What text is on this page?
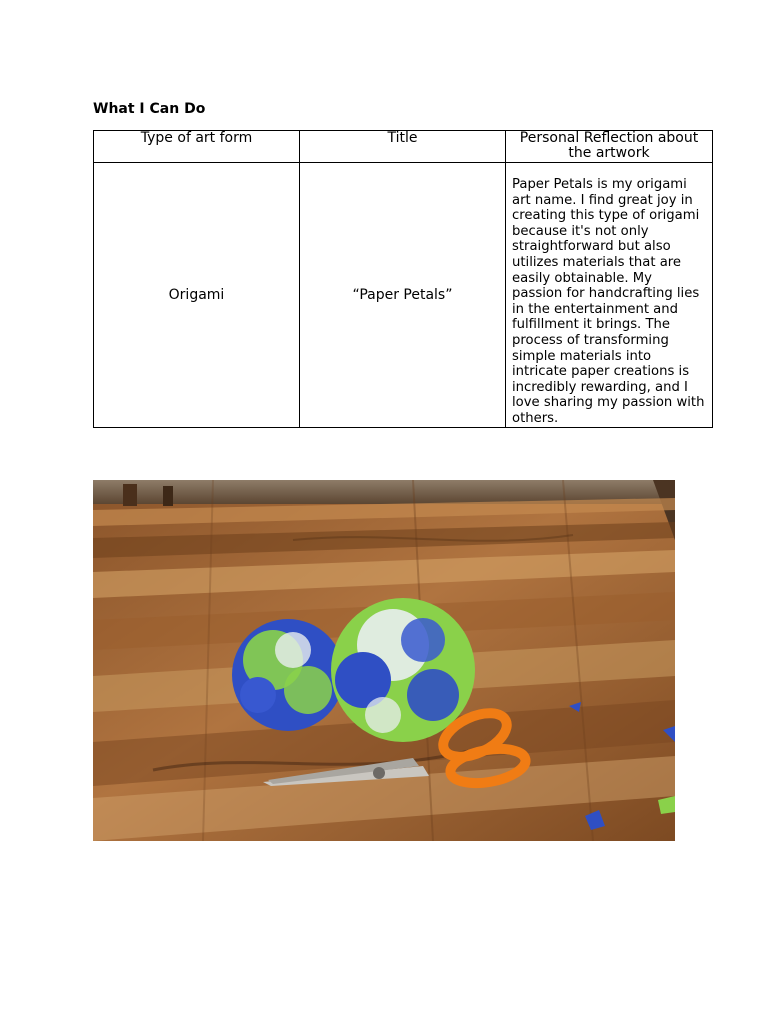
What I Can Do
Type of art form	Title	Personal Reflection about the artwork
Origami	“Paper Petals”	Paper Petals is my origami art name. I find great joy in creating this type of origami because it's not only straightforward but also utilizes materials that are easily obtainable. My passion for handcrafting lies in the entertainment and fulfillment it brings. The process of transforming simple materials into intricate paper creations is incredibly rewarding, and I love sharing my passion with others.
